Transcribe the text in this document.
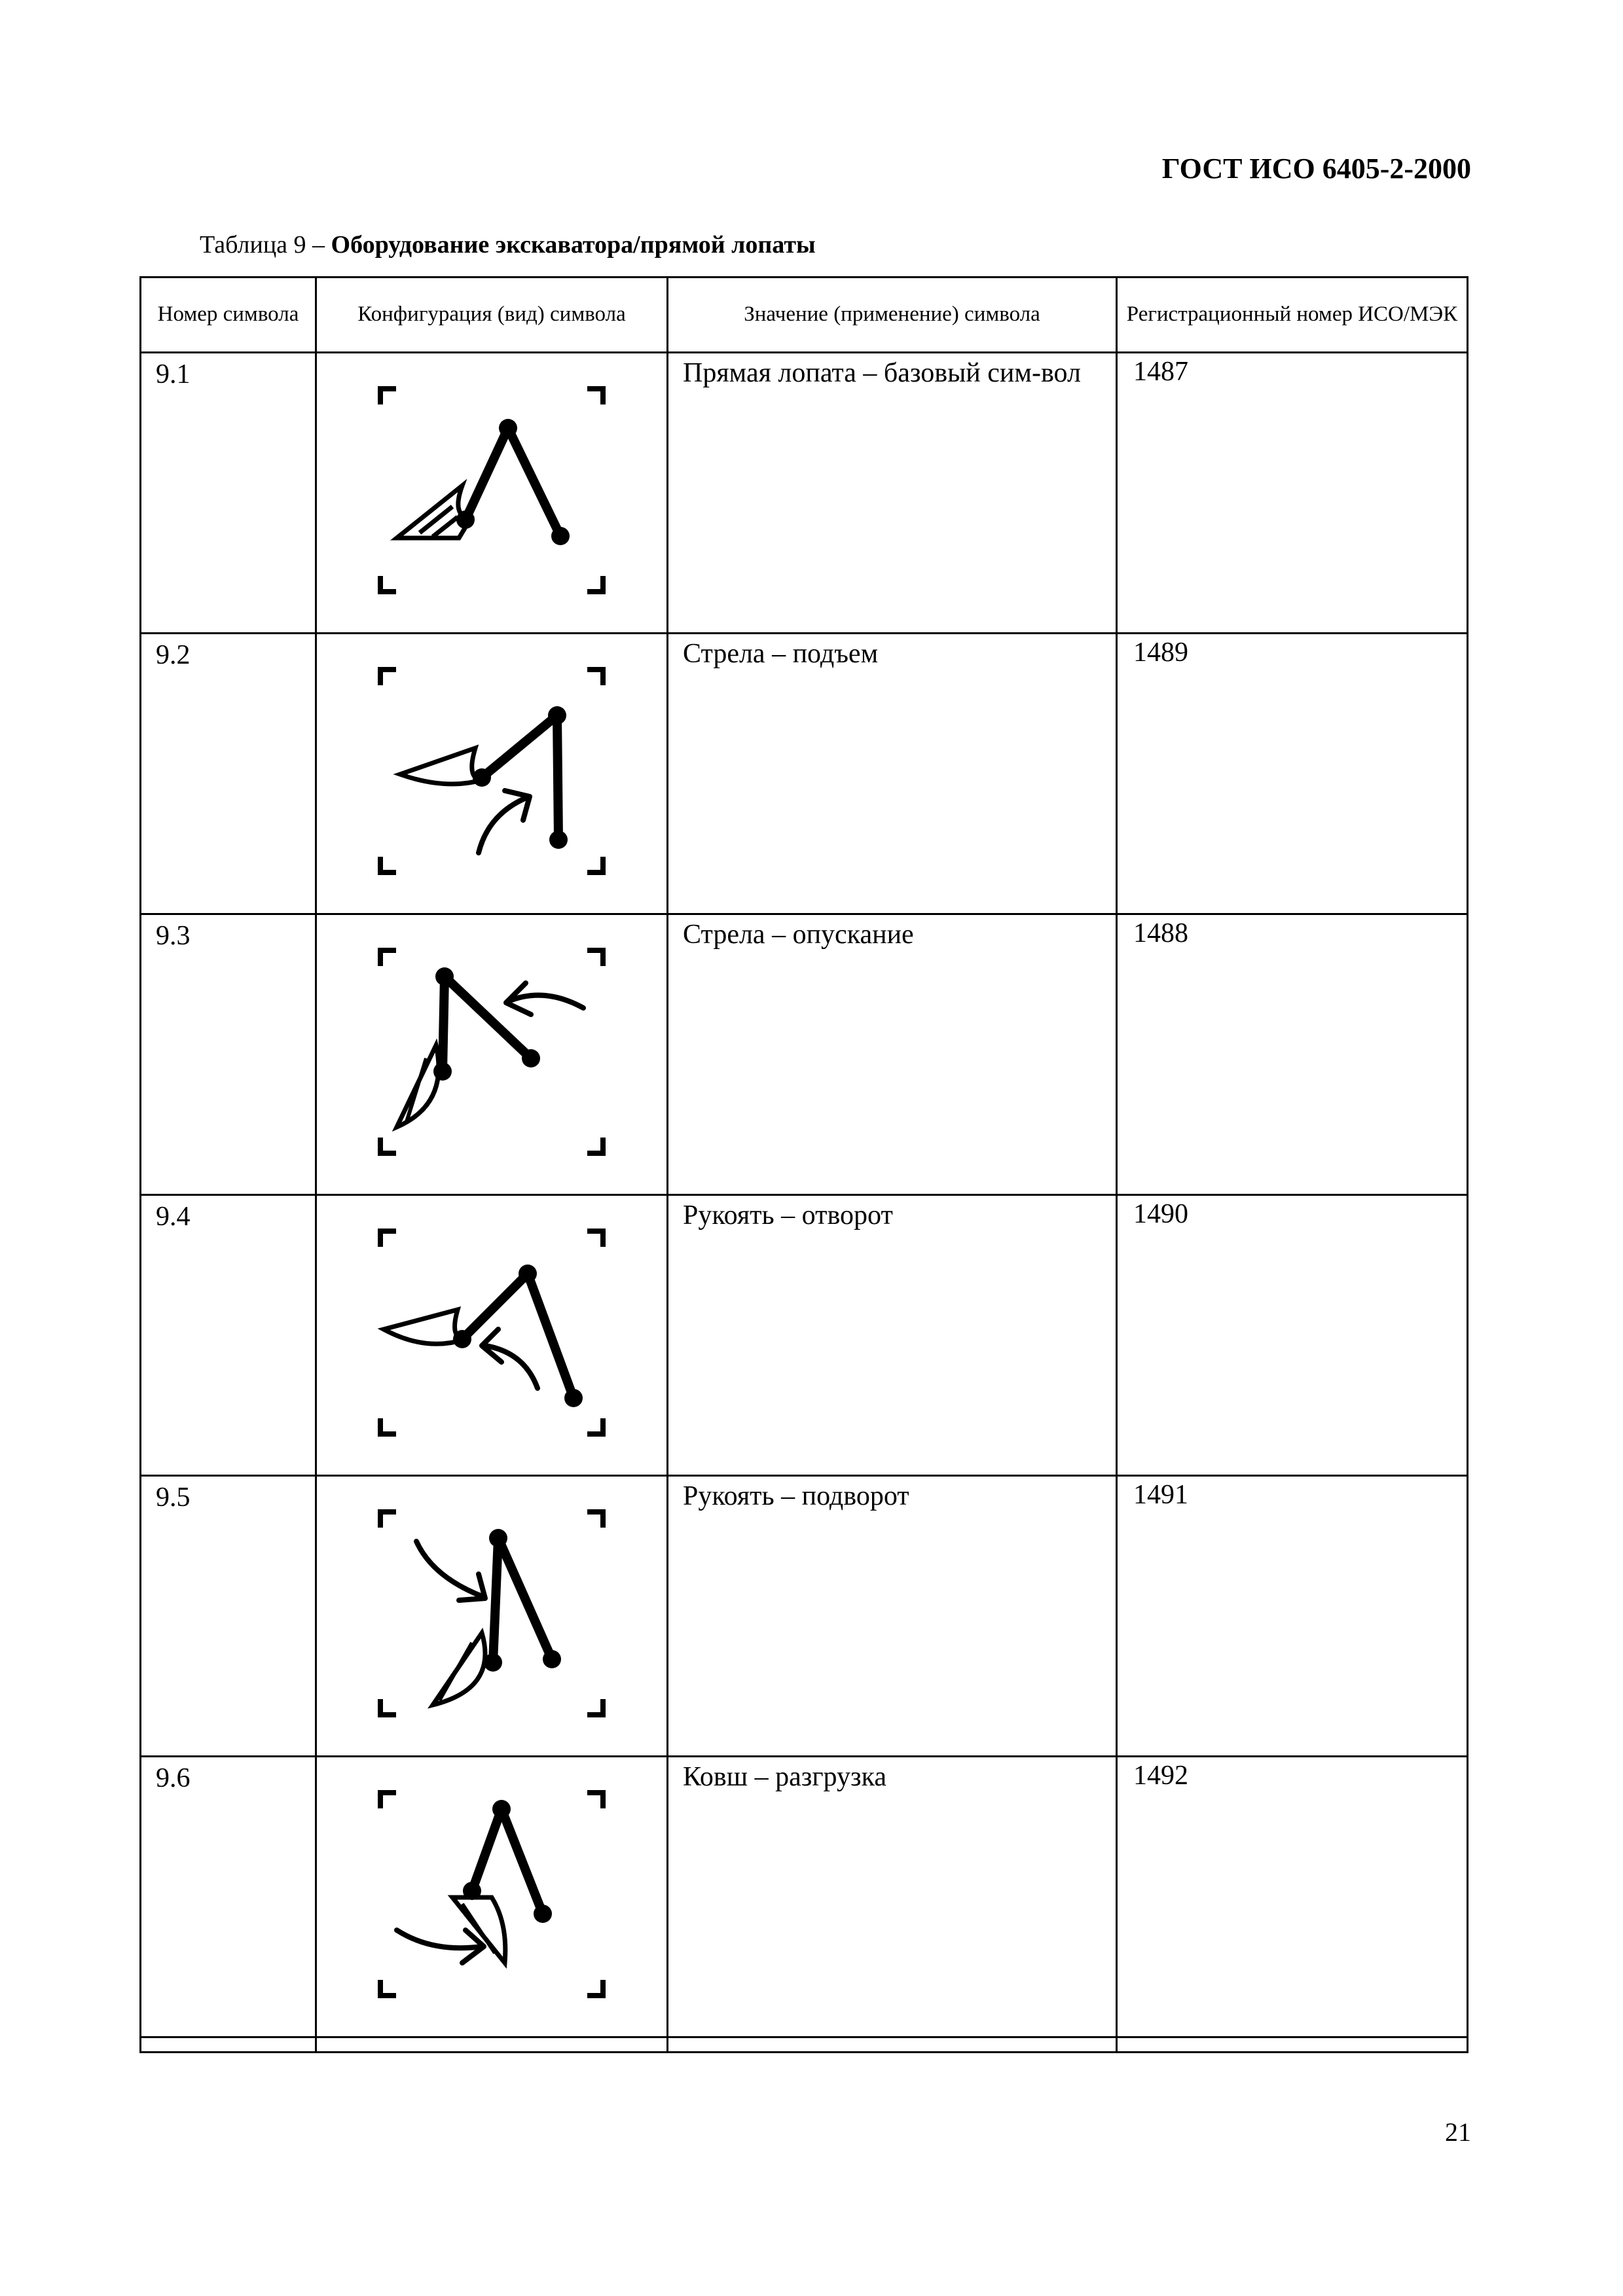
ГОСТ ИСО 6405-2-2000
Таблица 9 – Оборудование экскаватора/прямой лопаты
Номер символа	Конфигурация (вид) символа	Значение (применение) символа	Регистрационный номер ИСО/МЭК
9.1		Прямая лопата – базовый сим-вол	1487
9.2		Стрела – подъем	1489
9.3		Стрела – опускание	1488
9.4		Рукоять – отворот	1490
9.5		Рукоять – подворот	1491
9.6		Ковш – разгрузка	1492

21
